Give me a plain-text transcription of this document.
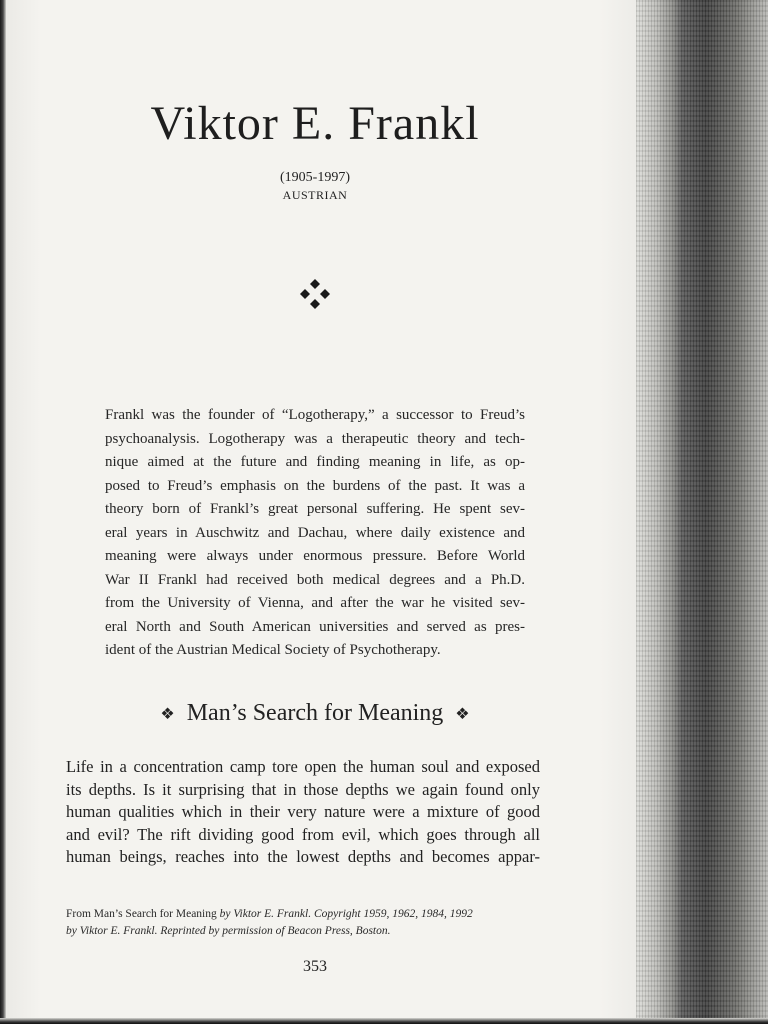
Viktor E. Frankl
(1905-1997)
AUSTRIAN
Frankl was the founder of “Logotherapy,” a successor to Freud’s
psychoanalysis. Logotherapy was a therapeutic theory and tech-
nique aimed at the future and finding meaning in life, as op-
posed to Freud’s emphasis on the burdens of the past. It was a
theory born of Frankl’s great personal suffering. He spent sev-
eral years in Auschwitz and Dachau, where daily existence and
meaning were always under enormous pressure. Before World
War II Frankl had received both medical degrees and a Ph.D.
from the University of Vienna, and after the war he visited sev-
eral North and South American universities and served as pres-
ident of the Austrian Medical Society of Psychotherapy.
❖ Man’s Search for Meaning ❖
Life in a concentration camp tore open the human soul and exposed
its depths. Is it surprising that in those depths we again found only
human qualities which in their very nature were a mixture of good
and evil? The rift dividing good from evil, which goes through all
human beings, reaches into the lowest depths and becomes appar-
From Man’s Search for Meaning by Viktor E. Frankl. Copyright 1959, 1962, 1984, 1992
by Viktor E. Frankl. Reprinted by permission of Beacon Press, Boston.
353
